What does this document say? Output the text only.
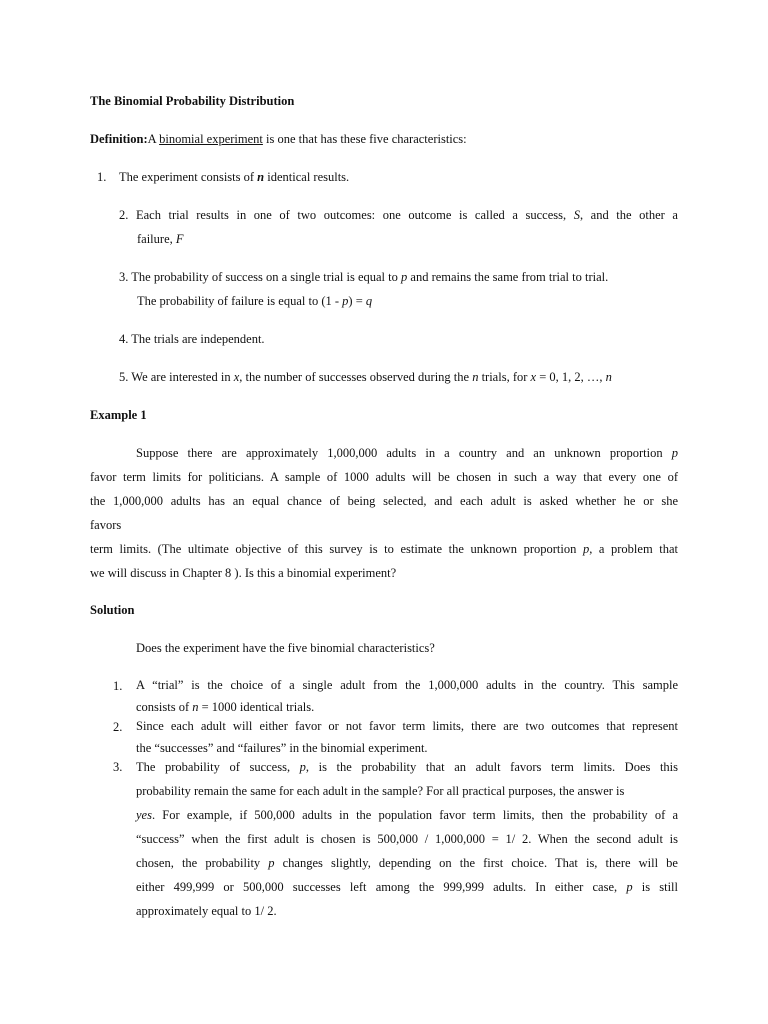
The Binomial Probability Distribution
Definition:A binomial experiment is one that has these five characteristics:
1. The experiment consists of n identical results.
2. Each trial results in one of two outcomes: one outcome is called a success, S, and the other a
failure, F
3. The probability of success on a single trial is equal to p and remains the same from trial to trial.
The probability of failure is equal to (1 - p) = q
4. The trials are independent.
5. We are interested in x, the number of successes observed during the n trials, for x = 0, 1, 2, …, n
Example 1
Suppose there are approximately 1,000,000 adults in a country and an unknown proportion p
favor term limits for politicians. A sample of 1000 adults will be chosen in such a way that every one of
the 1,000,000 adults has an equal chance of being selected, and each adult is asked whether he or she
favors
term limits. (The ultimate objective of this survey is to estimate the unknown proportion p, a problem that
we will discuss in Chapter 8 ). Is this a binomial experiment?
Solution
Does the experiment have the five binomial characteristics?
1. A “trial” is the choice of a single adult from the 1,000,000 adults in the country. This sample
consists of n = 1000 identical trials.
2. Since each adult will either favor or not favor term limits, there are two outcomes that represent
the “successes” and “failures” in the binomial experiment.
3. The probability of success, p, is the probability that an adult favors term limits. Does this
probability remain the same for each adult in the sample? For all practical purposes, the answer is
yes. For example, if 500,000 adults in the population favor term limits, then the probability of a
“success” when the first adult is chosen is 500,000 / 1,000,000 = 1/ 2. When the second adult is
chosen, the probability p changes slightly, depending on the first choice. That is, there will be
either 499,999 or 500,000 successes left among the 999,999 adults. In either case, p is still
approximately equal to 1/ 2.
